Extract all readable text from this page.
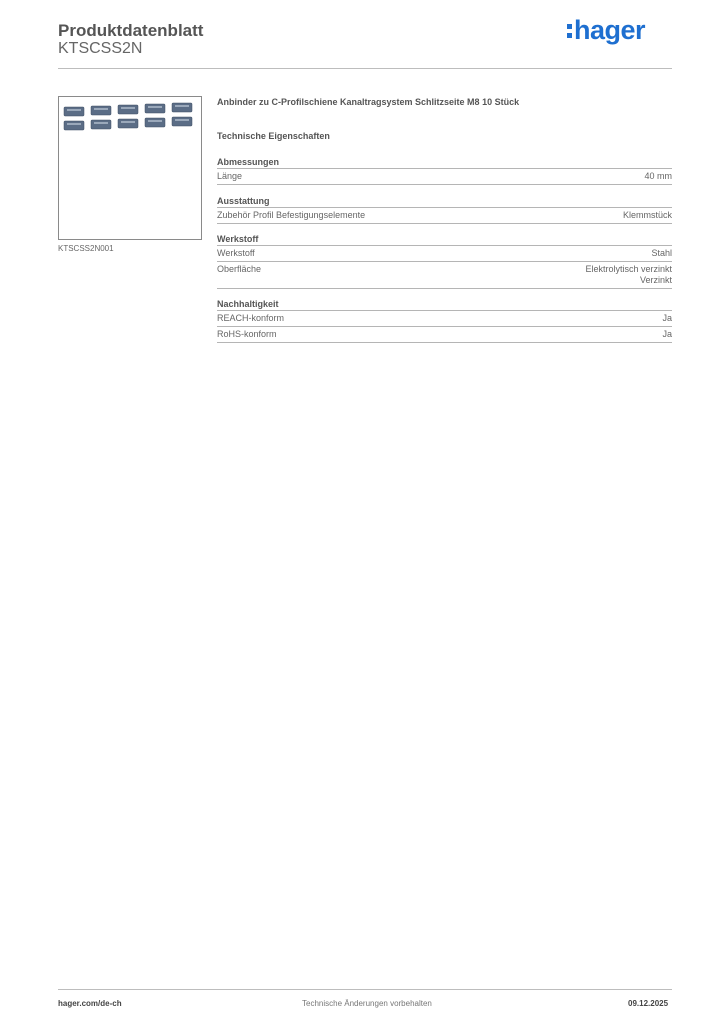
Produktdatenblatt
KTSCSS2N
hager
KTSCSS2N001
Anbinder zu C-Profilschiene Kanaltragsystem Schlitzseite M8 10 Stück
Technische Eigenschaften
Abmessungen
Länge	40 mm
Ausstattung
Zubehör Profil Befestigungselemente	Klemmstück
Werkstoff
Werkstoff	Stahl
Oberfläche	Elektrolytisch verzinkt
Verzinkt
Nachhaltigkeit
REACH-konform	Ja
RoHS-konform	Ja
hager.com/de-ch	Technische Änderungen vorbehalten	09.12.2025
